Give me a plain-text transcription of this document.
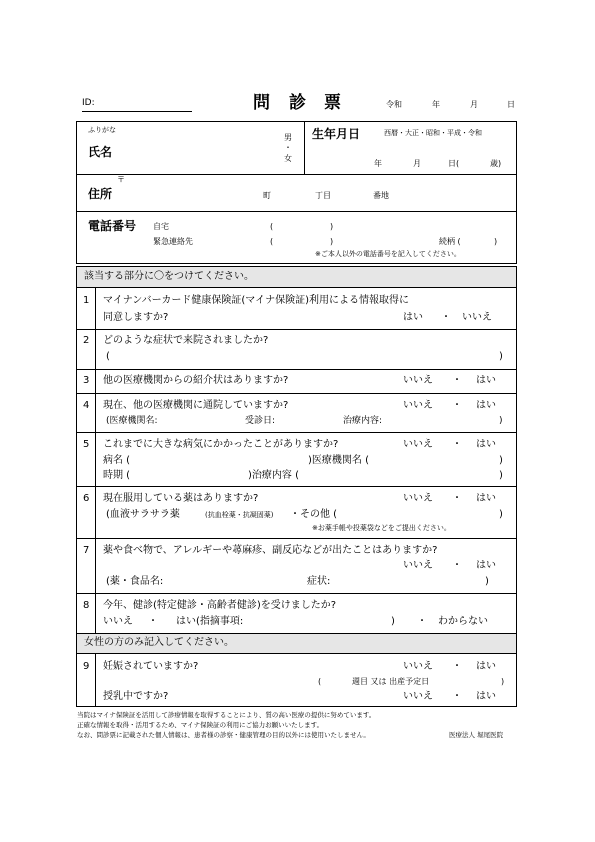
ID:	問 診 票	令和	年	月	日
ふりがな
氏名
男
・
女
生年月日	西暦・大正・昭和・平成・令和
年	月	日(	歳)
〒
住所	町	丁目	番地
電話番号 自宅	(	)
緊急連絡先	(	)	続柄 (	)
※ご本人以外の電話番号を記入してください。
該当する部分に〇をつけてください。
1 マイナンバーカード健康保険証(マイナ保険証)利用による情報取得に
同意しますか?	はい ・ いいえ
2 どのような症状で来院されましたか?
(	)
3 他の医療機関からの紹介状はありますか?	いいえ ・ はい
4 現在、他の医療機関に通院していますか?	いいえ ・ はい
(医療機関名:	受診日:	治療内容:	)
5 これまでに大きな病気にかかったことがありますか?	いいえ ・ はい
病名 (	)医療機関名 (	)
時期 (	)治療内容 (	)
6 現在服用している薬はありますか?	いいえ ・ はい
(血液サラサラ薬	(抗血栓薬・抗凝固薬) ・その他 (	)
※お薬手帳や投薬袋などをご提出ください。
7 薬や食べ物で、アレルギーや蕁麻疹、副反応などが出たことはありますか?
いいえ ・ はい
(薬・食品名:	症状:	)
8 今年、健診(特定健診・高齢者健診)を受けましたか?
いいえ ・ はい(指摘事項:	) ・ わからない
女性の方のみ記入してください。
9 妊娠されていますか?	いいえ ・ はい
(	週目 又は 出産予定日	)
授乳中ですか?	いいえ ・ はい
当院はマイナ保険証を活用して診療情報を取得することにより、質の高い医療の提供に努めています。
正確な情報を取得・活用するため、マイナ保険証の利用にご協力お願いいたします。
なお、問診票に記載された個人情報は、患者様の診察・健康管理の目的以外には使用いたしません。	医療法人 堀尾医院
